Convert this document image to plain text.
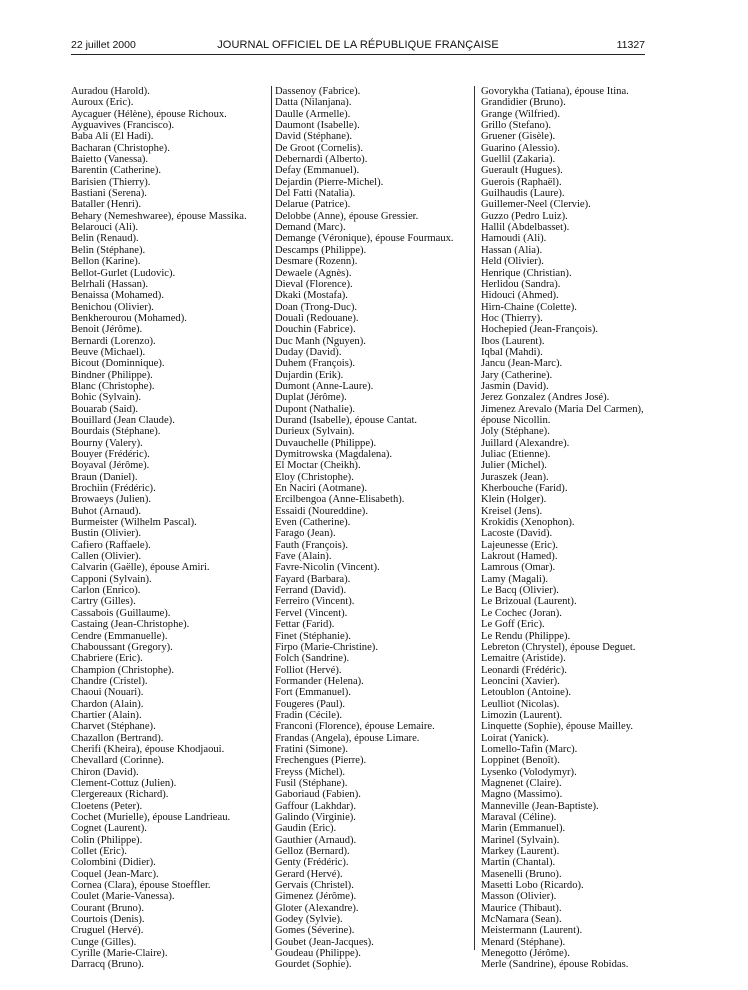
22 juillet 2000	JOURNAL OFFICIEL DE LA RÉPUBLIQUE FRANÇAISE	11327
Auradou (Harold).
Auroux (Eric).
Aycaguer (Hélène), épouse Richoux.
Ayguavives (Francisco).
Baba Ali (El Hadi).
Bacharan (Christophe).
Baietto (Vanessa).
Barentin (Catherine).
Barisien (Thierry).
Bastiani (Serena).
Bataller (Henri).
Behary (Nemeshwaree), épouse Massika.
Belarouci (Ali).
Belin (Renaud).
Belin (Stéphane).
Bellon (Karine).
Bellot-Gurlet (Ludovic).
Belrhali (Hassan).
Benaissa (Mohamed).
Benichou (Olivier).
Benkherourou (Mohamed).
Benoit (Jérôme).
Bernardi (Lorenzo).
Beuve (Michael).
Bicout (Dominnique).
Bindner (Philippe).
Blanc (Christophe).
Bohic (Sylvain).
Bouarab (Said).
Bouillard (Jean Claude).
Bourdais (Stéphane).
Bourny (Valery).
Bouyer (Frédéric).
Boyaval (Jérôme).
Braun (Daniel).
Brochiin (Frédéric).
Browaeys (Julien).
Buhot (Arnaud).
Burmeister (Wilhelm Pascal).
Bustin (Olivier).
Cafiero (Raffaele).
Callen (Olivier).
Calvarin (Gaëlle), épouse Amiri.
Capponi (Sylvain).
Carlon (Enrico).
Cartry (Gilles).
Cassabois (Guillaume).
Castaing (Jean-Christophe).
Cendre (Emmanuelle).
Chaboussant (Gregory).
Chabriere (Eric).
Champion (Christophe).
Chandre (Cristel).
Chaoui (Nouari).
Chardon (Alain).
Chartier (Alain).
Charvet (Stéphane).
Chazallon (Bertrand).
Cherifi (Kheira), épouse Khodjaoui.
Chevallard (Corinne).
Chiron (David).
Clement-Cottuz (Julien).
Clergereaux (Richard).
Cloetens (Peter).
Cochet (Murielle), épouse Landrieau.
Cognet (Laurent).
Colin (Philippe).
Collet (Eric).
Colombini (Didier).
Coquel (Jean-Marc).
Cornea (Clara), épouse Stoeffler.
Coulet (Marie-Vanessa).
Courant (Bruno).
Courtois (Denis).
Cruguel (Hervé).
Cunge (Gilles).
Cyrille (Marie-Claire).
Darracq (Bruno).
Dassenoy (Fabrice).
Datta (Nilanjana).
Daulle (Armelle).
Daumont (Isabelle).
David (Stéphane).
De Groot (Cornelis).
Debernardi (Alberto).
Defay (Emmanuel).
Dejardin (Pierre-Michel).
Del Fatti (Natalia).
Delarue (Patrice).
Delobbe (Anne), épouse Gressier.
Demand (Marc).
Demange (Véronique), épouse Fourmaux.
Descamps (Philippe).
Desmare (Rozenn).
Dewaele (Agnès).
Dieval (Florence).
Dkaki (Mostafa).
Doan (Trong-Duc).
Douali (Redouane).
Douchin (Fabrice).
Duc Manh (Nguyen).
Duday (David).
Duhem (François).
Dujardin (Erik).
Dumont (Anne-Laure).
Duplat (Jérôme).
Dupont (Nathalie).
Durand (Isabelle), épouse Cantat.
Durieux (Sylvain).
Duvauchelle (Philippe).
Dymitrowska (Magdalena).
El Moctar (Cheikh).
Eloy (Christophe).
En Naciri (Aotmane).
Ercilbengoa (Anne-Elisabeth).
Essaidi (Noureddine).
Even (Catherine).
Farago (Jean).
Fauth (François).
Fave (Alain).
Favre-Nicolin (Vincent).
Fayard (Barbara).
Ferrand (David).
Ferreiro (Vincent).
Fervel (Vincent).
Fettar (Farid).
Finet (Stéphanie).
Firpo (Marie-Christine).
Folch (Sandrine).
Folliot (Hervé).
Formander (Helena).
Fort (Emmanuel).
Fougeres (Paul).
Fradin (Cécile).
Franconi (Florence), épouse Lemaire.
Frandas (Angela), épouse Limare.
Fratini (Simone).
Frechengues (Pierre).
Freyss (Michel).
Fusil (Stéphane).
Gaboriaud (Fabien).
Gaffour (Lakhdar).
Galindo (Virginie).
Gaudin (Eric).
Gauthier (Arnaud).
Gelloz (Bernard).
Genty (Frédéric).
Gerard (Hervé).
Gervais (Christel).
Gimenez (Jérôme).
Gloter (Alexandre).
Godey (Sylvie).
Gomes (Séverine).
Goubet (Jean-Jacques).
Goudeau (Philippe).
Gourdet (Sophie).
Govorykha (Tatiana), épouse Itina.
Grandidier (Bruno).
Grange (Wilfried).
Grillo (Stefano).
Gruener (Gisèle).
Guarino (Alessio).
Guellil (Zakaria).
Guerault (Hugues).
Guerois (Raphaël).
Guilhaudis (Laure).
Guillemer-Neel (Clervie).
Guzzo (Pedro Luiz).
Hallil (Abdelbasset).
Hamoudi (Ali).
Hassan (Alia).
Held (Olivier).
Henrique (Christian).
Herlidou (Sandra).
Hidouci (Ahmed).
Hirn-Chaine (Colette).
Hoc (Thierry).
Hochepied (Jean-François).
Ibos (Laurent).
Iqbal (Mahdi).
Jancu (Jean-Marc).
Jary (Catherine).
Jasmin (David).
Jerez Gonzalez (Andres José).
Jimenez Arevalo (Maria Del Carmen),
épouse Nicollin.
Joly (Stéphane).
Juillard (Alexandre).
Juliac (Etienne).
Julier (Michel).
Juraszek (Jean).
Kherbouche (Farid).
Klein (Holger).
Kreisel (Jens).
Krokidis (Xenophon).
Lacoste (David).
Lajeunesse (Eric).
Lakrout (Hamed).
Lamrous (Omar).
Lamy (Magali).
Le Bacq (Olivier).
Le Brizoual (Laurent).
Le Cochec (Joran).
Le Goff (Eric).
Le Rendu (Philippe).
Lebreton (Chrystel), épouse Deguet.
Lemaitre (Aristide).
Leonardi (Frédéric).
Leoncini (Xavier).
Letoublon (Antoine).
Leulliot (Nicolas).
Limozin (Laurent).
Linquette (Sophie), épouse Mailley.
Loirat (Yanick).
Lomello-Tafin (Marc).
Loppinet (Benoît).
Lysenko (Volodymyr).
Magnenet (Claire).
Magno (Massimo).
Manneville (Jean-Baptiste).
Maraval (Céline).
Marin (Emmanuel).
Marinel (Sylvain).
Markey (Laurent).
Martin (Chantal).
Masenelli (Bruno).
Masetti Lobo (Ricardo).
Masson (Olivier).
Maurice (Thibaut).
McNamara (Sean).
Meistermann (Laurent).
Menard (Stéphane).
Menegotto (Jérôme).
Merle (Sandrine), épouse Robidas.
